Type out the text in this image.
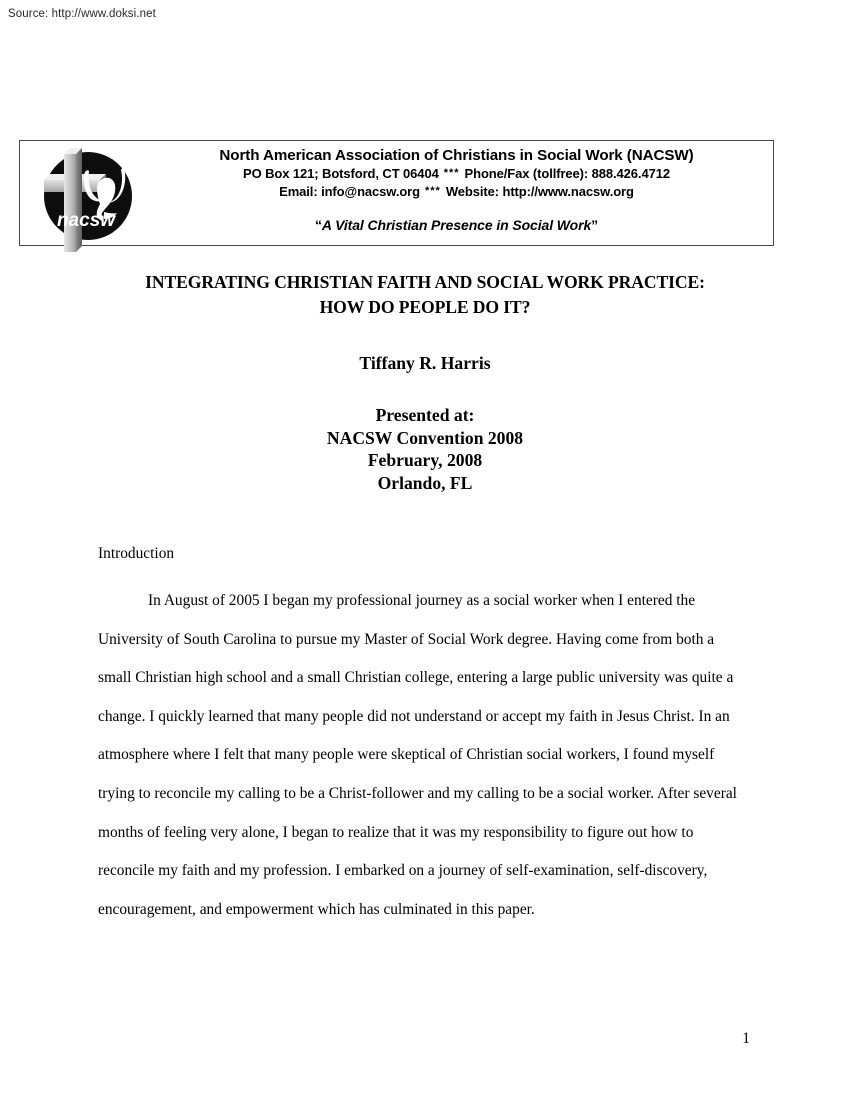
Source: http://www.doksi.net
nacsw
North American Association of Christians in Social Work (NACSW)
PO Box 121; Botsford, CT 06404 *** Phone/Fax (tollfree): 888.426.4712
Email: info@nacsw.org *** Website: http://www.nacsw.org
“A Vital Christian Presence in Social Work”
INTEGRATING CHRISTIAN FAITH AND SOCIAL WORK PRACTICE:
HOW DO PEOPLE DO IT?
Tiffany R. Harris
Presented at:
NACSW Convention 2008
February, 2008
Orlando, FL
Introduction

In August of 2005 I began my professional journey as a social worker when I entered the University of South Carolina to pursue my Master of Social Work degree. Having come from both a small Christian high school and a small Christian college, entering a large public university was quite a change. I quickly learned that many people did not understand or accept my faith in Jesus Christ. In an atmosphere where I felt that many people were skeptical of Christian social workers, I found myself trying to reconcile my calling to be a Christ-follower and my calling to be a social worker. After several months of feeling very alone, I began to realize that it was my responsibility to figure out how to reconcile my faith and my profession. I embarked on a journey of self-examination, self-discovery, encouragement, and empowerment which has culminated in this paper.

1
